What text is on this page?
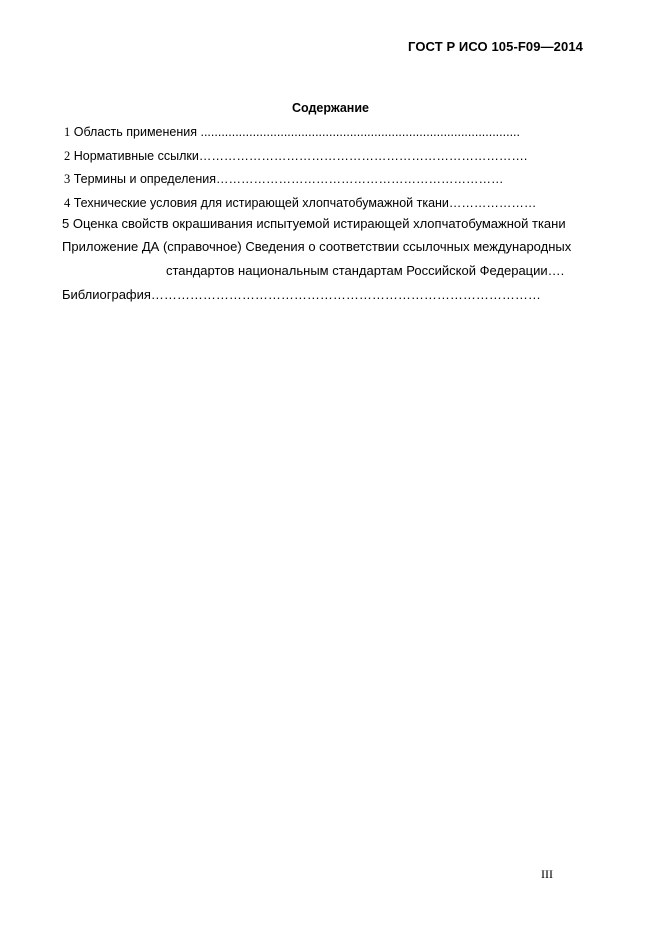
ГОСТ Р ИСО 105-F09—2014
Содержание
1 Область применения ............................................................................................
2 Нормативные ссылки…………………………………………………………………….
3 Термины и определения……………………………………………………………
4 Технические условия для истирающей хлопчатобумажной ткани…………………
5 Оценка свойств окрашивания испытуемой истирающей хлопчатобумажной ткани
Приложение ДА (справочное) Сведения о соответствии ссылочных международных
стандартов национальным стандартам Российской Федерации….
Библиография………………………………………………………………………………
III
